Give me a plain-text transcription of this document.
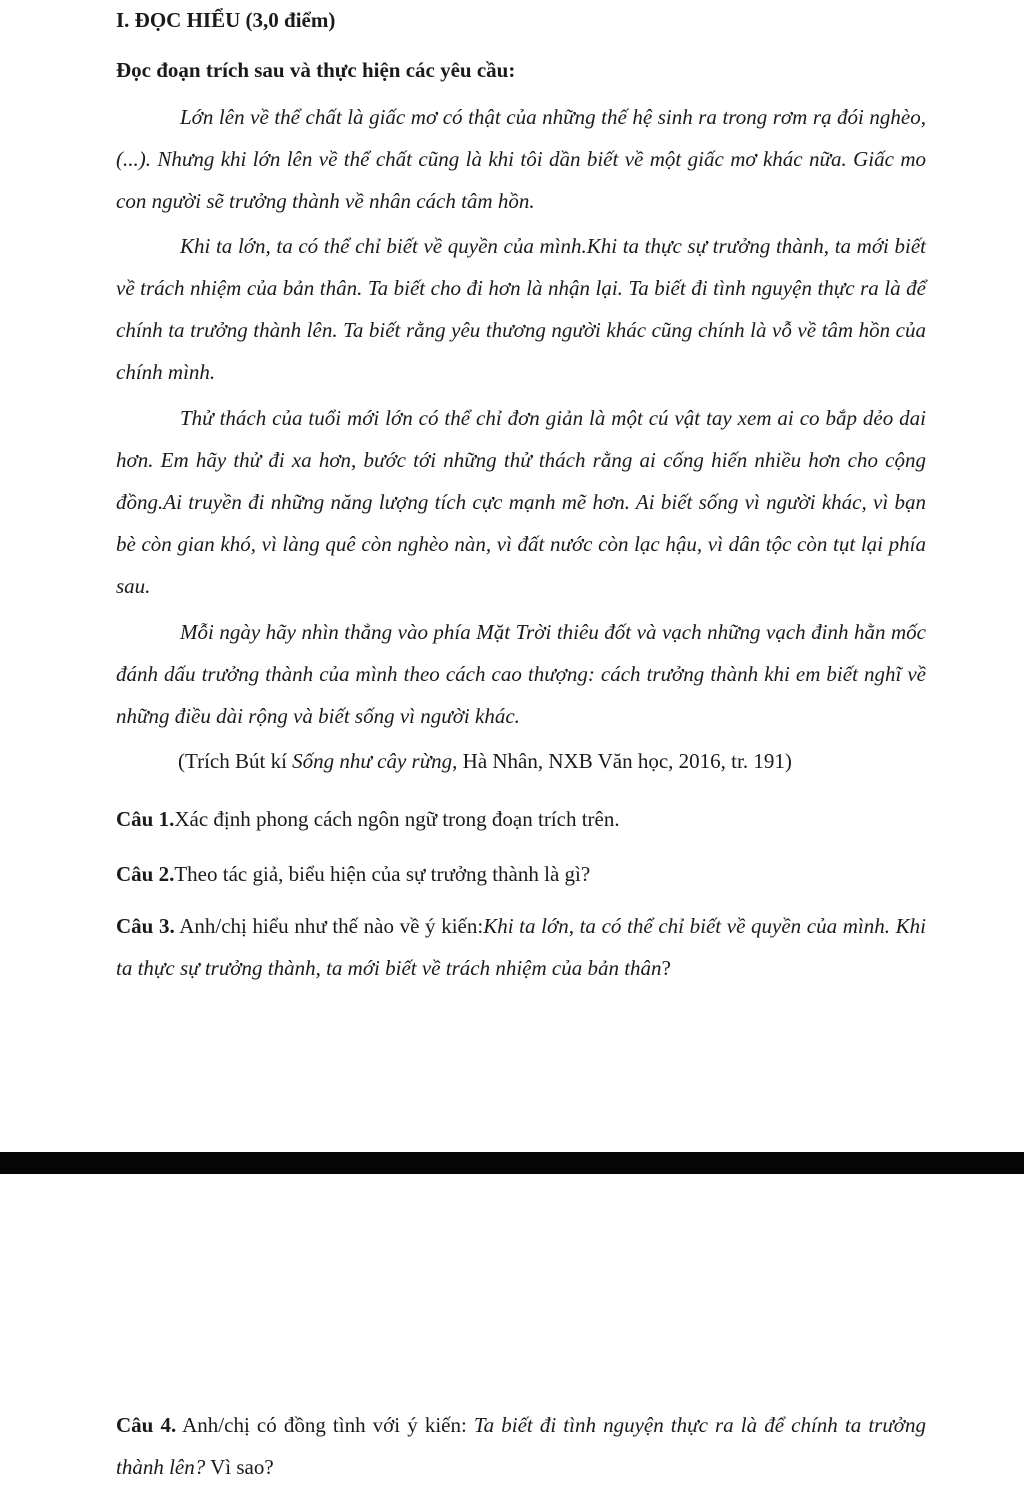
I. ĐỌC HIỂU (3,0 điểm)
Đọc đoạn trích sau và thực hiện các yêu cầu:

Lớn lên về thể chất là giấc mơ có thật của những thế hệ sinh ra trong rơm rạ đói nghèo,(...). Nhưng khi lớn lên về thể chất cũng là khi tôi dần biết về một giấc mơ khác nữa. Giấc mo con người sẽ trưởng thành về nhân cách tâm hồn.

Khi ta lớn, ta có thể chỉ biết về quyền của mình.Khi ta thực sự trưởng thành, ta mới biết về trách nhiệm của bản thân. Ta biết cho đi hơn là nhận lại. Ta biết đi tình nguyện thực ra là để chính ta trưởng thành lên. Ta biết rằng yêu thương người khác cũng chính là vỗ về tâm hồn của chính mình.

Thử thách của tuổi mới lớn có thể chỉ đơn giản là một cú vật tay xem ai co bắp dẻo dai hơn. Em hãy thử đi xa hơn, bước tới những thử thách rằng ai cống hiến nhiều hơn cho cộng đồng.Ai truyền đi những năng lượng tích cực mạnh mẽ hơn. Ai biết sống vì người khác, vì bạn bè còn gian khó, vì làng quê còn nghèo nàn, vì đất nước còn lạc hậu, vì dân tộc còn tụt lại phía sau.

Mỗi ngày hãy nhìn thẳng vào phía Mặt Trời thiêu đốt và vạch những vạch đinh hằn mốc đánh dấu trưởng thành của mình theo cách cao thượng: cách trưởng thành khi em biết nghĩ về những điều dài rộng và biết sống vì người khác.

(Trích Bút kí Sống như cây rừng, Hà Nhân, NXB Văn học, 2016, tr. 191)

Câu 1.Xác định phong cách ngôn ngữ trong đoạn trích trên.

Câu 2.Theo tác giả, biểu hiện của sự trưởng thành là gì?

Câu 3. Anh/chị hiểu như thế nào về ý kiến:Khi ta lớn, ta có thể chỉ biết về quyền của mình. Khi ta thực sự trưởng thành, ta mới biết về trách nhiệm của bản thân?

Câu 4. Anh/chị có đồng tình với ý kiến: Ta biết đi tình nguyện thực ra là để chính ta trưởng thành lên? Vì sao?
